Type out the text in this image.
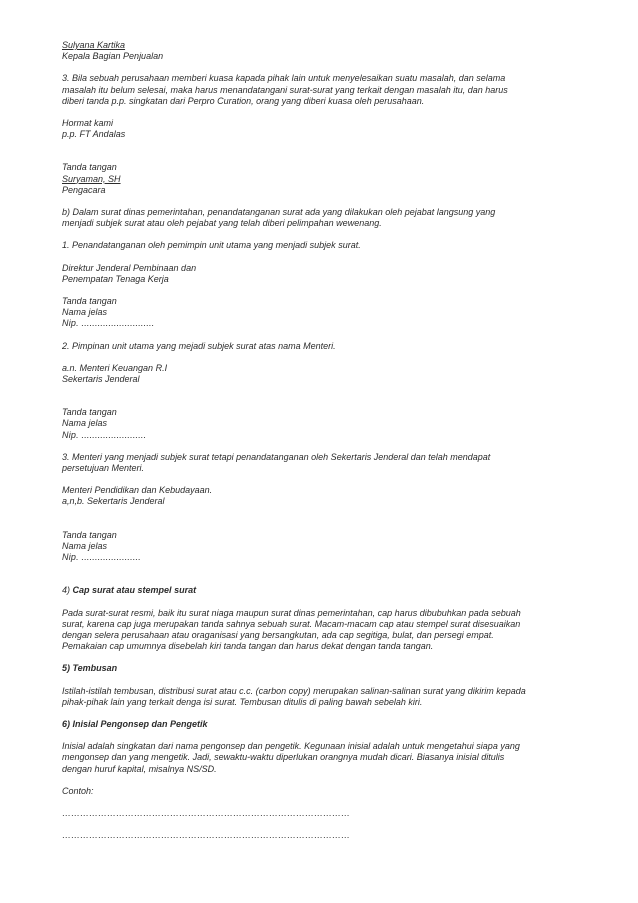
Sulyana Kartika

Kepala Bagian Penjualan

3. Bila sebuah perusahaan memberi kuasa kapada pihak lain untuk menyelesaikan suatu masalah, dan selama

masalah itu belum selesai, maka harus menandatangani surat-surat yang terkait dengan masalah itu, dan harus

diberi tanda p.p. singkatan dari Perpro Curation, orang yang diberi kuasa oleh perusahaan.

Hormat kami

p.p. FT Andalas

Tanda tangan

Suryaman, SH

Pengacara

b) Dalam surat dinas pemerintahan, penandatanganan surat ada yang dilakukan oleh pejabat langsung yang

menjadi subjek surat atau oleh pejabat yang telah diberi pelimpahan wewenang.

1. Penandatanganan oleh pemimpin unit utama yang menjadi subjek surat.

Direktur Jenderal Pembinaan dan

Penempatan Tenaga Kerja

Tanda tangan

Nama jelas

Nip. ...........................

2. Pimpinan unit utama yang mejadi subjek surat atas nama Menteri.

a.n. Menteri Keuangan R.I

Sekertaris Jenderal

Tanda tangan

Nama jelas

Nip. ........................

3. Menteri yang menjadi subjek surat tetapi penandatanganan oleh Sekertaris Jenderal dan telah mendapat

persetujuan Menteri.

Menteri Pendidikan dan Kebudayaan.

a,n,b. Sekertaris Jenderal

Tanda tangan

Nama jelas

Nip. ......................

4) Cap surat atau stempel surat

Pada surat-surat resmi, baik itu surat niaga maupun surat dinas pemerintahan, cap harus dibubuhkan pada sebuah

surat, karena cap juga merupakan tanda sahnya sebuah surat. Macam-macam cap atau stempel surat disesuaikan

dengan selera perusahaan atau oraganisasi yang bersangkutan, ada cap segitiga, bulat, dan persegi empat.

Pemakaian cap umumnya disebelah kiri tanda tangan dan harus dekat dengan tanda tangan.

5) Tembusan

Istilah-istilah tembusan, distribusi surat atau c.c. (carbon copy) merupakan salinan-salinan surat yang dikirim kepada

pihak-pihak lain yang terkait denga isi surat. Tembusan ditulis di paling bawah sebelah kiri.

6) Inisial Pengonsep dan Pengetik

Inisial adalah singkatan dari nama pengonsep dan pengetik. Kegunaan inisial adalah untuk mengetahui siapa yang

mengonsep dan yang mengetik. Jadi, sewaktu-waktu diperlukan orangnya mudah dicari. Biasanya inisial ditulis

dengan huruf kapital, misalnya NS/SD.

Contoh:

……………………………………………………………………………………

……………………………………………………………………………………
